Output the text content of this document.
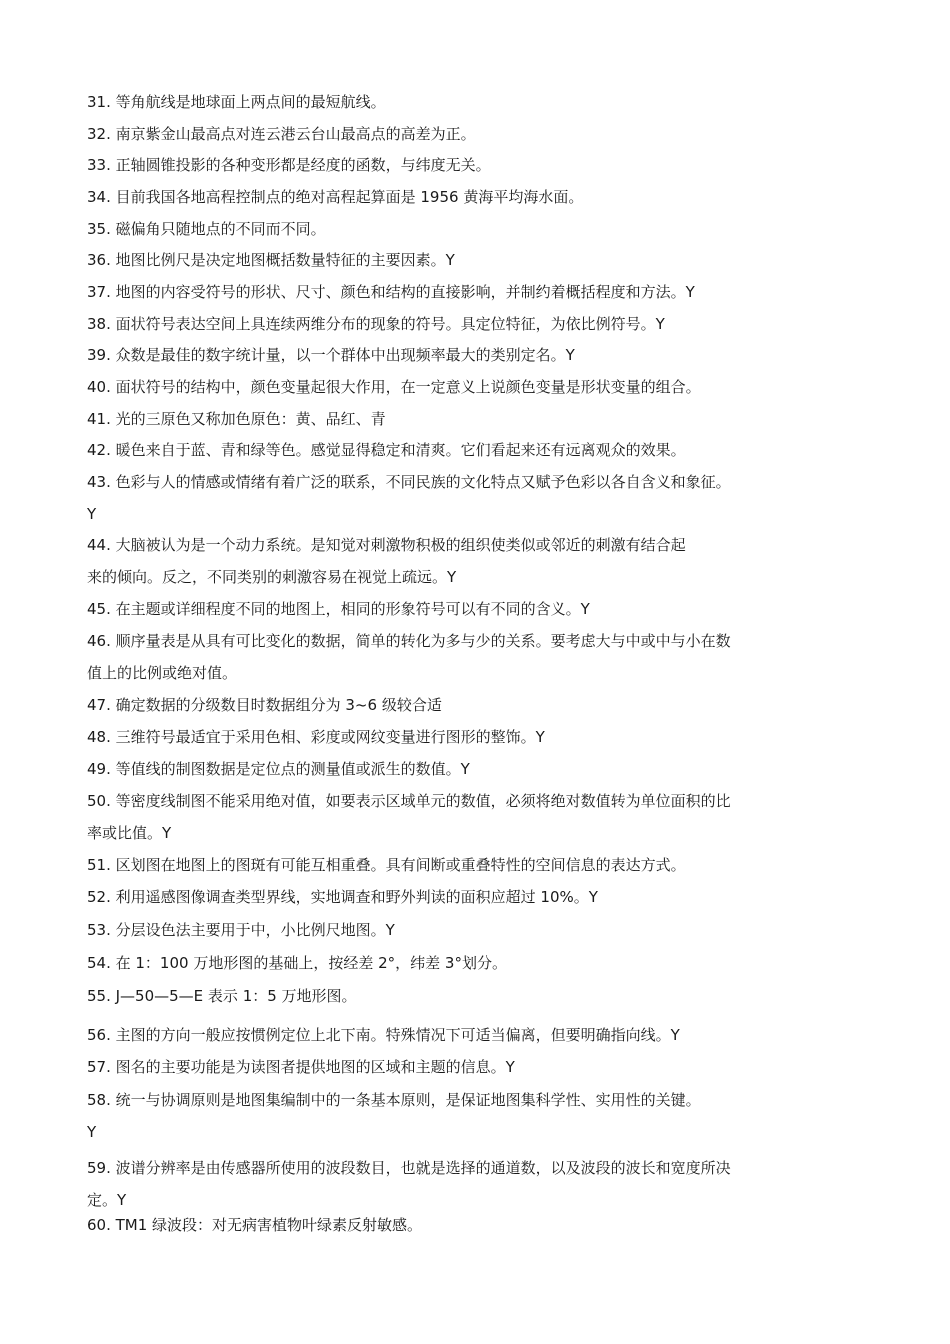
31. 等角航线是地球面上两点间的最短航线。

32. 南京紫金山最高点对连云港云台山最高点的高差为正。

33. 正轴圆锥投影的各种变形都是经度的函数，与纬度无关。

34. 目前我国各地高程控制点的绝对高程起算面是 1956 黄海平均海水面。

35. 磁偏角只随地点的不同而不同。

36. 地图比例尺是决定地图概括数量特征的主要因素。Y

37. 地图的内容受符号的形状、尺寸、颜色和结构的直接影响，并制约着概括程度和方法。Y

38. 面状符号表达空间上具连续两维分布的现象的符号。具定位特征，为依比例符号。Y

39. 众数是最佳的数字统计量，以一个群体中出现频率最大的类别定名。Y

40. 面状符号的结构中，颜色变量起很大作用，在一定意义上说颜色变量是形状变量的组合。

41. 光的三原色又称加色原色：黄、品红、青

42. 暖色来自于蓝、青和绿等色。感觉显得稳定和清爽。它们看起来还有远离观众的效果。

43. 色彩与人的情感或情绪有着广泛的联系，不同民族的文化特点又赋予色彩以各自含义和象征。

Y

44. 大脑被认为是一个动力系统。是知觉对刺激物积极的组织使类似或邻近的刺激有结合起

来的倾向。反之，不同类别的刺激容易在视觉上疏远。Y

45. 在主题或详细程度不同的地图上，相同的形象符号可以有不同的含义。Y

46. 顺序量表是从具有可比变化的数据，简单的转化为多与少的关系。要考虑大与中或中与小在数

值上的比例或绝对值。

47. 确定数据的分级数目时数据组分为 3~6 级较合适

48. 三维符号最适宜于采用色相、彩度或网纹变量进行图形的整饰。Y

49. 等值线的制图数据是定位点的测量值或派生的数值。Y

50. 等密度线制图不能采用绝对值，如要表示区域单元的数值，必须将绝对数值转为单位面积的比

率或比值。Y

51. 区划图在地图上的图斑有可能互相重叠。具有间断或重叠特性的空间信息的表达方式。

52. 利用遥感图像调查类型界线，实地调查和野外判读的面积应超过 10%。Y

53. 分层设色法主要用于中，小比例尺地图。Y

54. 在 1：100 万地形图的基础上，按经差 2°，纬差 3°划分。

55. J—50—5—E 表示 1：5 万地形图。

56. 主图的方向一般应按惯例定位上北下南。特殊情况下可适当偏离，但要明确指向线。Y

57. 图名的主要功能是为读图者提供地图的区域和主题的信息。Y

58. 统一与协调原则是地图集编制中的一条基本原则，是保证地图集科学性、实用性的关键。

Y

59. 波谱分辨率是由传感器所使用的波段数目，也就是选择的通道数，以及波段的波长和宽度所决

定。Y

60. TM1 绿波段：对无病害植物叶绿素反射敏感。
